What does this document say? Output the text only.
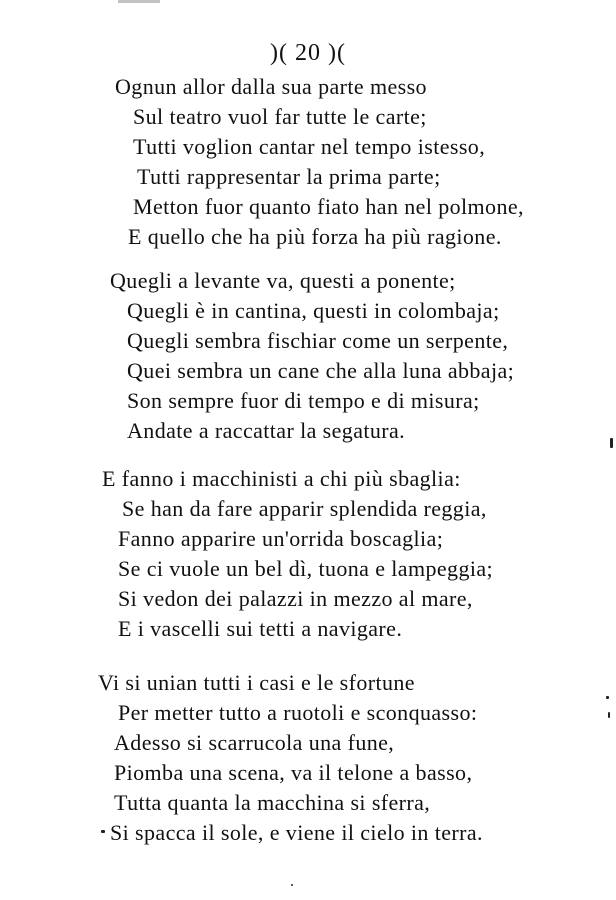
)( 20 )(
Ognun allor dalla sua parte messo
Sul teatro vuol far tutte le carte;
Tutti voglion cantar nel tempo istesso,
Tutti rappresentar la prima parte;
Metton fuor quanto fiato han nel polmone,
E quello che ha più forza ha più ragione.
Quegli a levante va, questi a ponente;
Quegli è in cantina, questi in colombaja;
Quegli sembra fischiar come un serpente,
Quei sembra un cane che alla luna abbaja;
Son sempre fuor di tempo e di misura;
Andate a raccattar la segatura.
E fanno i macchinisti a chi più sbaglia:
Se han da fare apparir splendida reggia,
Fanno apparire un'orrida boscaglia;
Se ci vuole un bel dì, tuona e lampeggia;
Si vedon dei palazzi in mezzo al mare,
E i vascelli sui tetti a navigare.
Vi si unian tutti i casi e le sfortune
Per metter tutto a ruotoli e sconquasso:
Adesso si scarrucola una fune,
Piomba una scena, va il telone a basso,
Tutta quanta la macchina si sferra,
Si spacca il sole, e viene il cielo in terra.
